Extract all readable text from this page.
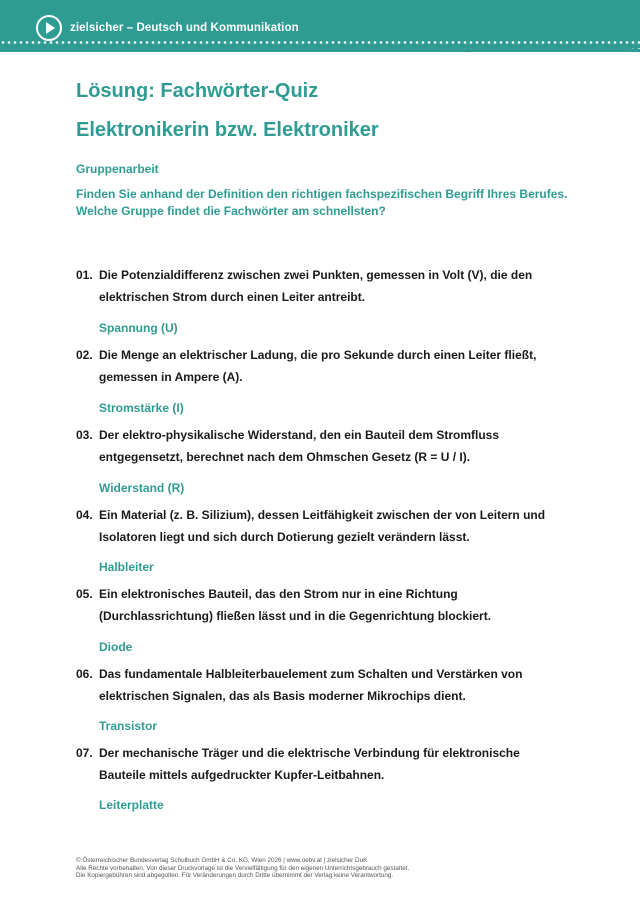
zielsicher – Deutsch und Kommunikation
Lösung: Fachwörter-Quiz
Elektronikerin bzw. Elektroniker
Gruppenarbeit
Finden Sie anhand der Definition den richtigen fachspezifischen Begriff Ihres Berufes.
Welche Gruppe findet die Fachwörter am schnellsten?
01. Die Potenzialdifferenz zwischen zwei Punkten, gemessen in Volt (V), die den
elektrischen Strom durch einen Leiter antreibt.
Spannung (U)
02. Die Menge an elektrischer Ladung, die pro Sekunde durch einen Leiter fließt,
gemessen in Ampere (A).
Stromstärke (I)
03. Der elektro-physikalische Widerstand, den ein Bauteil dem Stromfluss
entgegensetzt, berechnet nach dem Ohmschen Gesetz (R = U / I).
Widerstand (R)
04. Ein Material (z. B. Silizium), dessen Leitfähigkeit zwischen der von Leitern und
Isolatoren liegt und sich durch Dotierung gezielt verändern lässt.
Halbleiter
05. Ein elektronisches Bauteil, das den Strom nur in eine Richtung
(Durchlassrichtung) fließen lässt und in die Gegenrichtung blockiert.
Diode
06. Das fundamentale Halbleiterbauelement zum Schalten und Verstärken von
elektrischen Signalen, das als Basis moderner Mikrochips dient.
Transistor
07. Der mechanische Träger und die elektrische Verbindung für elektronische
Bauteile mittels aufgedruckter Kupfer-Leitbahnen.
Leiterplatte
© Österreichischer Bundesverlag Schulbuch GmbH & Co. KG, Wien 2026 | www.oebv.at | zielsicher DuK
Alle Rechte vorbehalten. Von dieser Druckvorlage ist die Vervielfältigung für den eigenen Unterrichtsgebrauch gestattet.
Die Kopiergebühren sind abgegolten. Für Veränderungen durch Dritte übernimmt der Verlag keine Verantwortung.
